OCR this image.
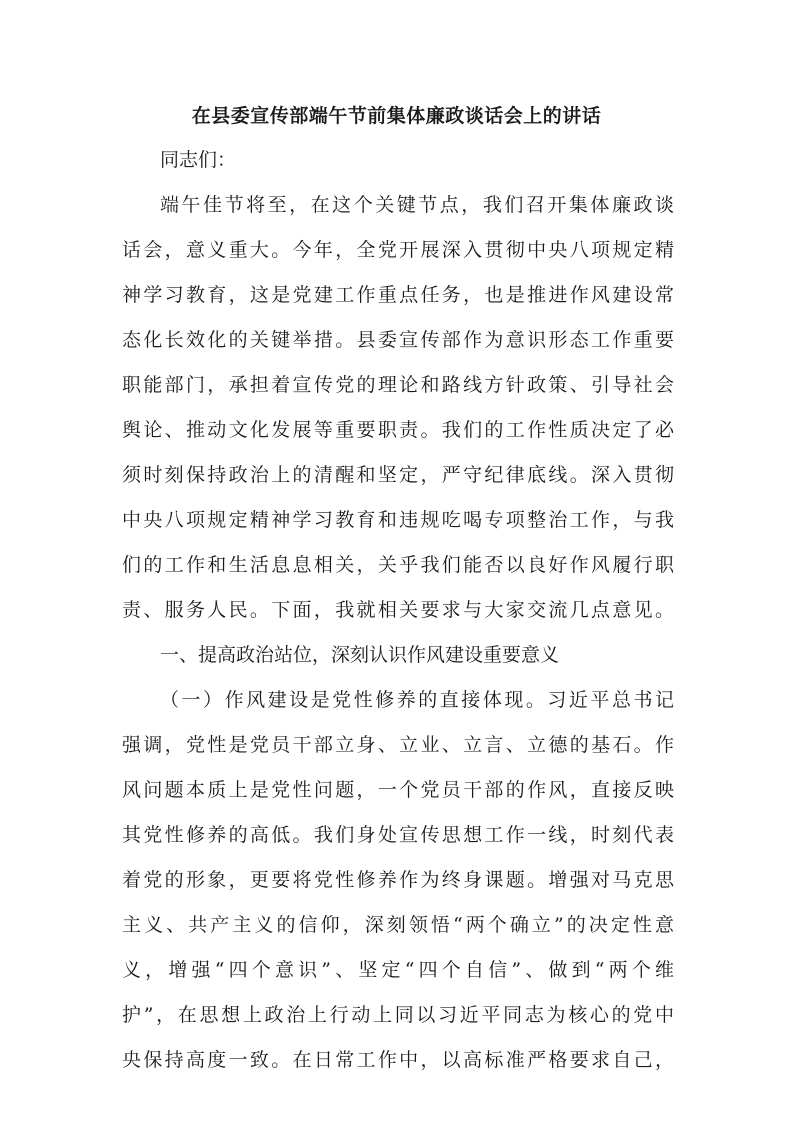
在县委宣传部端午节前集体廉政谈话会上的讲话
同志们：
端午佳节将至，在这个关键节点，我们召开集体廉政谈
话会，意义重大。今年，全党开展深入贯彻中央八项规定精
神学习教育，这是党建工作重点任务，也是推进作风建设常
态化长效化的关键举措。县委宣传部作为意识形态工作重要
职能部门，承担着宣传党的理论和路线方针政策、引导社会
舆论、推动文化发展等重要职责。我们的工作性质决定了必
须时刻保持政治上的清醒和坚定，严守纪律底线。深入贯彻
中央八项规定精神学习教育和违规吃喝专项整治工作，与我
们的工作和生活息息相关，关乎我们能否以良好作风履行职
责、服务人民。下面，我就相关要求与大家交流几点意见。
一、提高政治站位，深刻认识作风建设重要意义
（一）作风建设是党性修养的直接体现。习近平总书记
强调，党性是党员干部立身、立业、立言、立德的基石。作
风问题本质上是党性问题，一个党员干部的作风，直接反映
其党性修养的高低。我们身处宣传思想工作一线，时刻代表
着党的形象，更要将党性修养作为终身课题。增强对马克思
主义、共产主义的信仰，深刻领悟“两个确立”的决定性意
义，增强“四个意识”、坚定“四个自信”、做到“两个维
护”，在思想上政治上行动上同以习近平同志为核心的党中
央保持高度一致。在日常工作中，以高标准严格要求自己，
